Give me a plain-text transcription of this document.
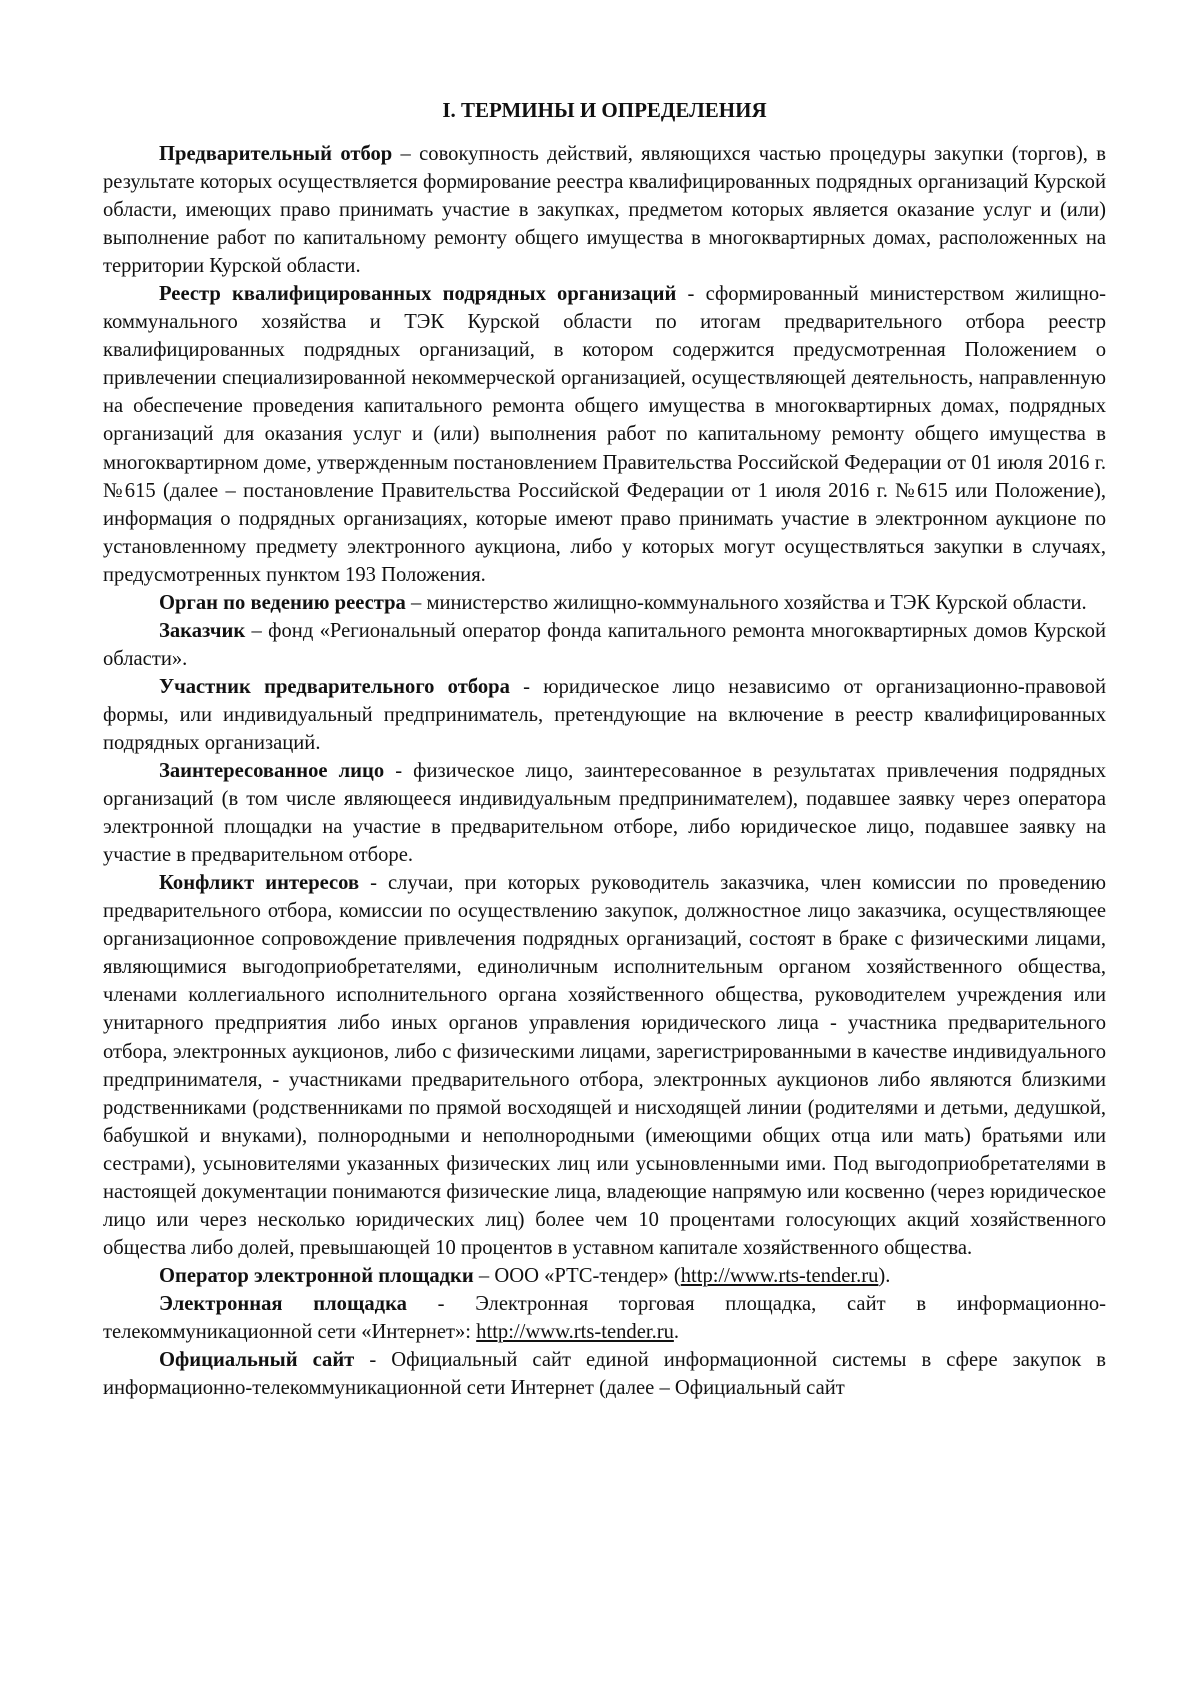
I. ТЕРМИНЫ И ОПРЕДЕЛЕНИЯ

Предварительный отбор – совокупность действий, являющихся частью процедуры закупки (торгов), в результате которых осуществляется формирование реестра квалифицированных подрядных организаций Курской области, имеющих право принимать участие в закупках, предметом которых является оказание услуг и (или) выполнение работ по капитальному ремонту общего имущества в многоквартирных домах, расположенных на территории Курской области.

Реестр квалифицированных подрядных организаций - сформированный министерством жилищно-коммунального хозяйства и ТЭК Курской области по итогам предварительного отбора реестр квалифицированных подрядных организаций, в котором содержится предусмотренная Положением о привлечении специализированной некоммерческой организацией, осуществляющей деятельность, направленную на обеспечение проведения капитального ремонта общего имущества в многоквартирных домах, подрядных организаций для оказания услуг и (или) выполнения работ по капитальному ремонту общего имущества в многоквартирном доме, утвержденным постановлением Правительства Российской Федерации от 01 июля 2016 г. №615 (далее – постановление Правительства Российской Федерации от 1 июля 2016 г. №615 или Положение), информация о подрядных организациях, которые имеют право принимать участие в электронном аукционе по установленному предмету электронного аукциона, либо у которых могут осуществляться закупки в случаях, предусмотренных пунктом 193 Положения.

Орган по ведению реестра – министерство жилищно-коммунального хозяйства и ТЭК Курской области.

Заказчик – фонд «Региональный оператор фонда капитального ремонта многоквартирных домов Курской области».

Участник предварительного отбора - юридическое лицо независимо от организационно-правовой формы, или индивидуальный предприниматель, претендующие на включение в реестр квалифицированных подрядных организаций.

Заинтересованное лицо - физическое лицо, заинтересованное в результатах привлечения подрядных организаций (в том числе являющееся индивидуальным предпринимателем), подавшее заявку через оператора электронной площадки на участие в предварительном отборе, либо юридическое лицо, подавшее заявку на участие в предварительном отборе.

Конфликт интересов - случаи, при которых руководитель заказчика, член комиссии по проведению предварительного отбора, комиссии по осуществлению закупок, должностное лицо заказчика, осуществляющее организационное сопровождение привлечения подрядных организаций, состоят в браке с физическими лицами, являющимися выгодоприобретателями, единоличным исполнительным органом хозяйственного общества, членами коллегиального исполнительного органа хозяйственного общества, руководителем учреждения или унитарного предприятия либо иных органов управления юридического лица - участника предварительного отбора, электронных аукционов, либо с физическими лицами, зарегистрированными в качестве индивидуального предпринимателя, - участниками предварительного отбора, электронных аукционов либо являются близкими родственниками (родственниками по прямой восходящей и нисходящей линии (родителями и детьми, дедушкой, бабушкой и внуками), полнородными и неполнородными (имеющими общих отца или мать) братьями или сестрами), усыновителями указанных физических лиц или усыновленными ими. Под выгодоприобретателями в настоящей документации понимаются физические лица, владеющие напрямую или косвенно (через юридическое лицо или через несколько юридических лиц) более чем 10 процентами голосующих акций хозяйственного общества либо долей, превышающей 10 процентов в уставном капитале хозяйственного общества.

Оператор электронной площадки – ООО «РТС-тендер» (http://www.rts-tender.ru).

Электронная площадка - Электронная торговая площадка, сайт в информационно-телекоммуникационной сети «Интернет»: http://www.rts-tender.ru.

Официальный сайт - Официальный сайт единой информационной системы в сфере закупок в информационно-телекоммуникационной сети Интернет (далее – Официальный сайт
